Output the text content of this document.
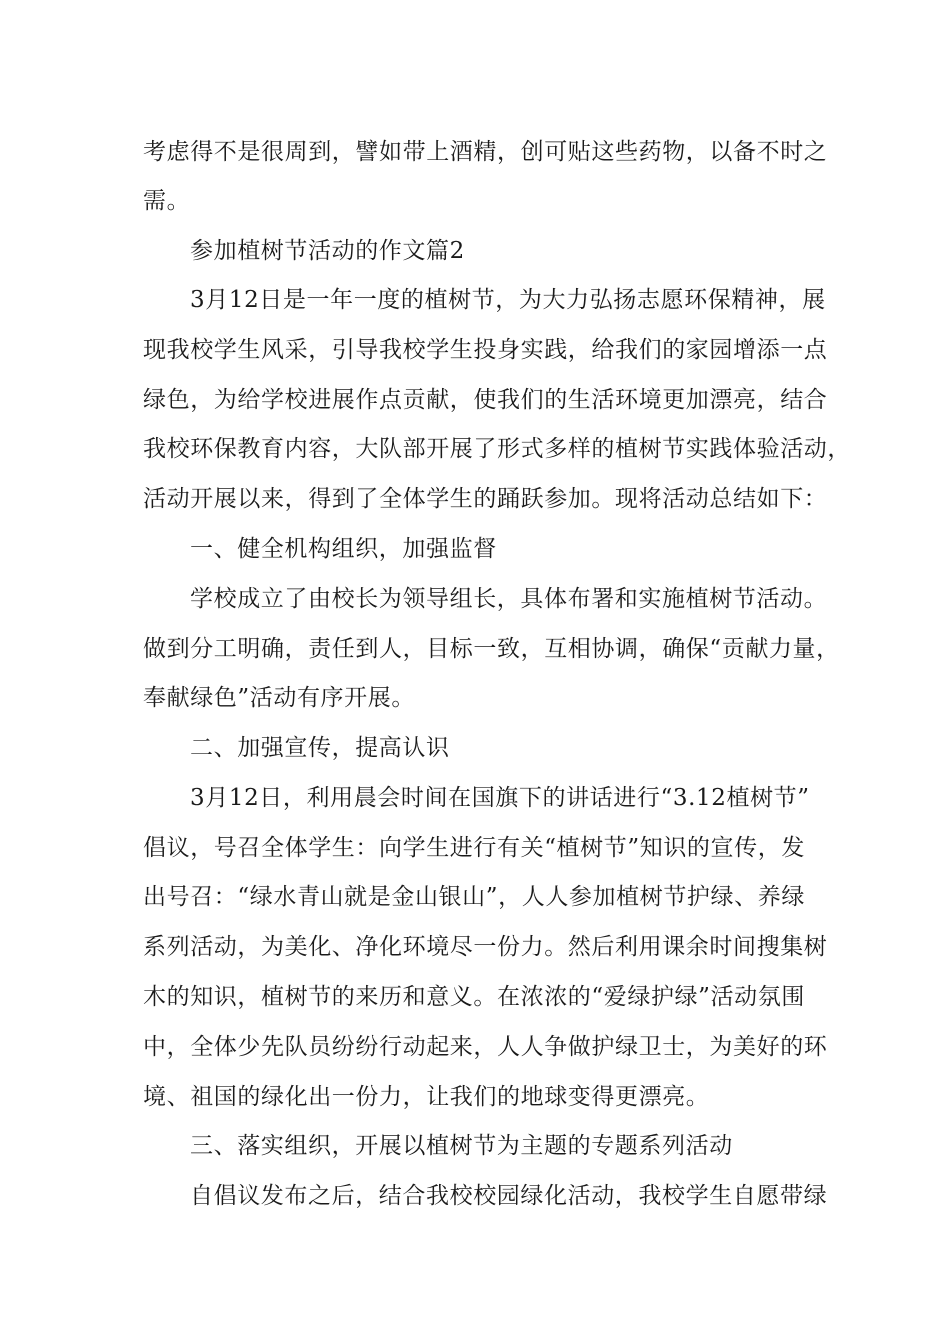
考虑得不是很周到，譬如带上酒精，创可贴这些药物，以备不时之
需。
参加植树节活动的作文篇2
3月12日是一年一度的植树节，为大力弘扬志愿环保精神，展
现我校学生风采，引导我校学生投身实践，给我们的家园增添一点
绿色，为给学校进展作点贡献，使我们的生活环境更加漂亮，结合
我校环保教育内容，大队部开展了形式多样的植树节实践体验活动，
活动开展以来，得到了全体学生的踊跃参加。现将活动总结如下：
一、健全机构组织，加强监督
学校成立了由校长为领导组长，具体布署和实施植树节活动。
做到分工明确，责任到人，目标一致，互相协调，确保“贡献力量，
奉献绿色”活动有序开展。
二、加强宣传，提高认识
3月12日，利用晨会时间在国旗下的讲话进行“3.12植树节”
倡议，号召全体学生：向学生进行有关“植树节”知识的宣传，发
出号召：“绿水青山就是金山银山”，人人参加植树节护绿、养绿
系列活动，为美化、净化环境尽一份力。然后利用课余时间搜集树
木的知识，植树节的来历和意义。在浓浓的“爱绿护绿”活动氛围
中，全体少先队员纷纷行动起来，人人争做护绿卫士，为美好的环
境、祖国的绿化出一份力，让我们的地球变得更漂亮。
三、落实组织，开展以植树节为主题的专题系列活动
自倡议发布之后，结合我校校园绿化活动，我校学生自愿带绿
